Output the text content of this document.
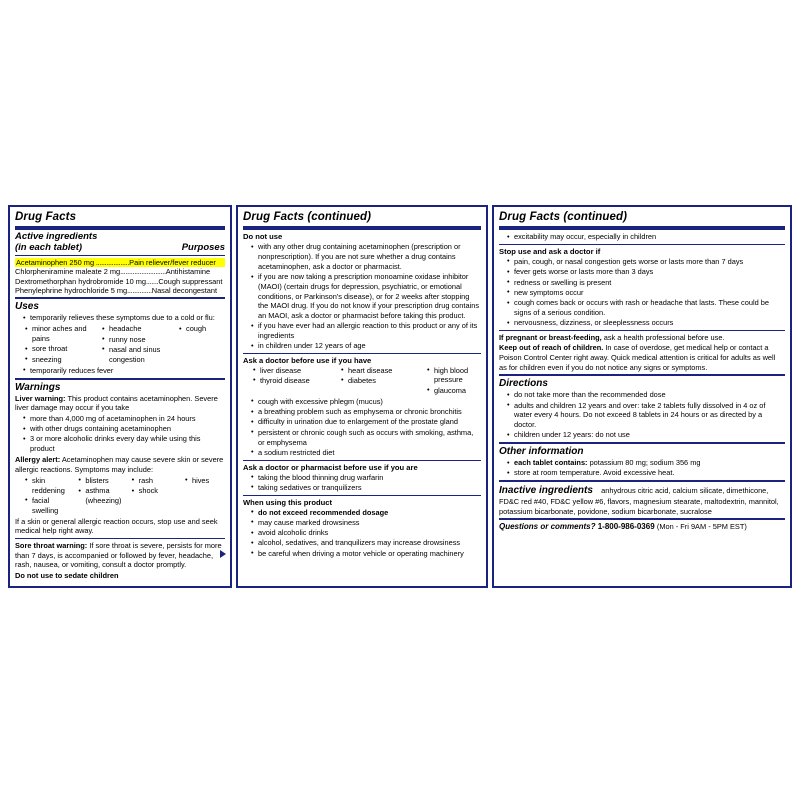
Drug Facts
Active ingredients
(in each tablet)	Purposes
Acetaminophen 250 mg ...................Pain reliever/fever reducer
Chlorpheniramine maleate 2 mg..........................Antihistamine
Dextromethorphan hydrobromide 10 mg.......Cough suppressant
Phenylephrine hydrochloride 5 mg..............Nasal decongestant
Uses
• temporarily relieves these symptoms due to a cold or flu:
• minor aches and pains
• sore throat
• sneezing
• headache
• runny nose
• nasal and sinus congestion
• cough
• temporarily reduces fever
Warnings
Liver warning: This product contains acetaminophen. Severe liver damage may occur if you take
• more than 4,000 mg of acetaminophen in 24 hours
• with other drugs containing acetaminophen
• 3 or more alcoholic drinks every day while using this product
Allergy alert: Acetaminophen may cause severe skin or severe allergic reactions. Symptoms may include:
• skin reddening
• facial swelling
• blisters
• asthma (wheezing)
• rash
• shock
• hives
If a skin or general allergic reaction occurs, stop use and seek medical help right away.
Sore throat warning: If sore throat is severe, persists for more than 7 days, is accompanied or followed by fever, headache, rash, nausea, or vomiting, consult a doctor promptly.
Do not use to sedate children
Drug Facts (continued)
Do not use
• with any other drug containing acetaminophen (prescription or nonprescription). If you are not sure whether a drug contains acetaminophen, ask a doctor or pharmacist.
• if you are now taking a prescription monoamine oxidase inhibitor (MAOI) (certain drugs for depression, psychiatric, or emotional conditions, or Parkinson's disease), or for 2 weeks after stopping the MAOI drug. If you do not know if your prescription drug contains an MAOI, ask a doctor or pharmacist before taking this product.
• if you have ever had an allergic reaction to this product or any of its ingredients
• in children under 12 years of age
Ask a doctor before use if you have
• liver disease
• thyroid disease
• heart disease
• diabetes
• high blood pressure
• glaucoma
• cough with excessive phlegm (mucus)
• a breathing problem such as emphysema or chronic bronchitis
• difficulty in urination due to enlargement of the prostate gland
• persistent or chronic cough such as occurs with smoking, asthma, or emphysema
• a sodium restricted diet
Ask a doctor or pharmacist before use if you are
• taking the blood thinning drug warfarin
• taking sedatives or tranquilizers
When using this product
• do not exceed recommended dosage
• may cause marked drowsiness
• avoid alcoholic drinks
• alcohol, sedatives, and tranquilizers may increase drowsiness
• be careful when driving a motor vehicle or operating machinery
Drug Facts (continued)
• excitability may occur, especially in children
Stop use and ask a doctor if
• pain, cough, or nasal congestion gets worse or lasts more than 7 days
• fever gets worse or lasts more than 3 days
• redness or swelling is present
• new symptoms occur
• cough comes back or occurs with rash or headache that lasts. These could be signs of a serious condition.
• nervousness, dizziness, or sleeplessness occurs
If pregnant or breast-feeding, ask a health professional before use.
Keep out of reach of children. In case of overdose, get medical help or contact a Poison Control Center right away. Quick medical attention is critical for adults as well as for children even if you do not notice any signs or symptoms.
Directions
• do not take more than the recommended dose
• adults and children 12 years and over: take 2 tablets fully dissolved in 4 oz of water every 4 hours. Do not exceed 8 tablets in 24 hours or as directed by a doctor.
• children under 12 years: do not use
Other information
• each tablet contains: potassium 80 mg; sodium 356 mg
• store at room temperature. Avoid excessive heat.
Inactive ingredients anhydrous citric acid, calcium silicate, dimethicone, FD&C red #40, FD&C yellow #6, flavors, magnesium stearate, maltodextrin, mannitol, potassium bicarbonate, povidone, sodium bicarbonate, sucralose
Questions or comments? 1-800-986-0369 (Mon - Fri 9AM - 5PM EST)
